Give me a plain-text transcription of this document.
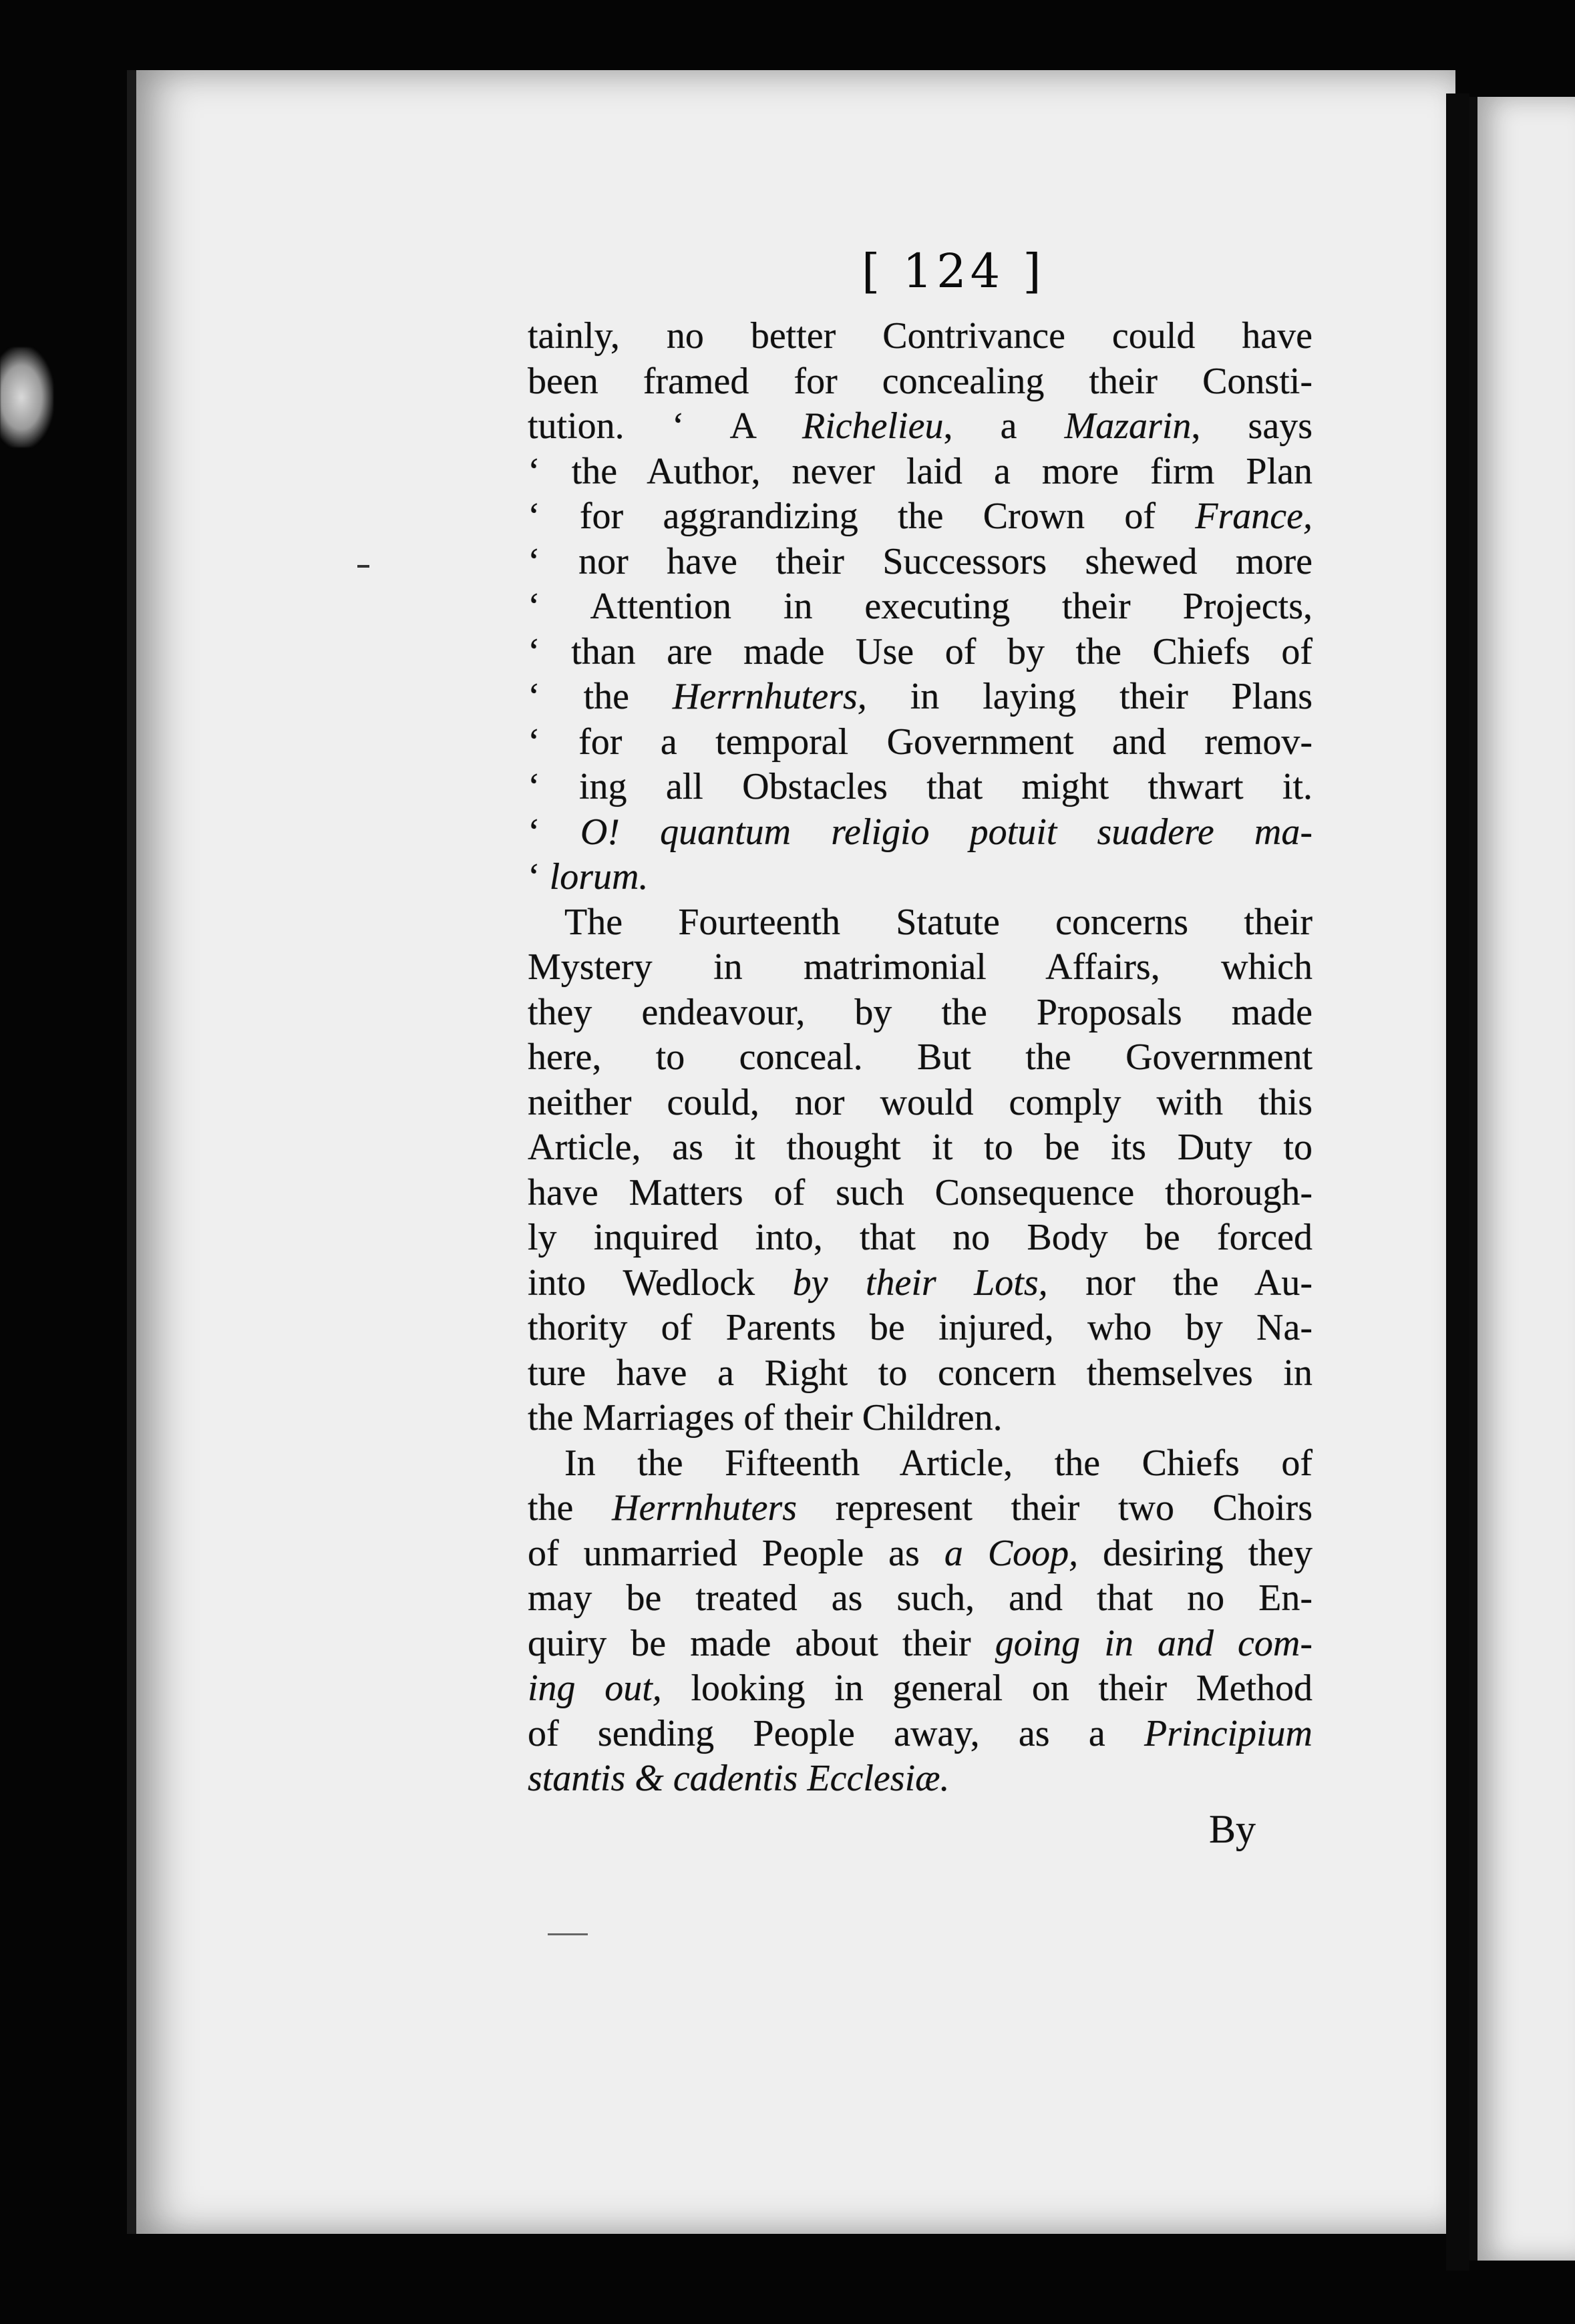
[ 124 ]
tainly, no better Contrivance could have
been framed for concealing their Consti-
tution. ‘ A Richelieu, a Mazarin, says
‘ the Author, never laid a more firm Plan
‘ for aggrandizing the Crown of France,
‘ nor have their Successors shewed more
‘ Attention in executing their Projects,
‘ than are made Use of by the Chiefs of
‘ the Herrnhuters, in laying their Plans
‘ for a temporal Government and remov-
‘ ing all Obstacles that might thwart it.
‘ O! quantum religio potuit suadere ma-
‘ lorum.
The Fourteenth Statute concerns their
Mystery in matrimonial Affairs, which
they endeavour, by the Proposals made
here, to conceal. But the Government
neither could, nor would comply with this
Article, as it thought it to be its Duty to
have Matters of such Consequence thorough-
ly inquired into, that no Body be forced
into Wedlock by their Lots, nor the Au-
thority of Parents be injured, who by Na-
ture have a Right to concern themselves in
the Marriages of their Children.
In the Fifteenth Article, the Chiefs of
the Herrnhuters represent their two Choirs
of unmarried People as a Coop, desiring they
may be treated as such, and that no En-
quiry be made about their going in and com-
ing out, looking in general on their Method
of sending People away, as a Principium
stantis & cadentis Ecclesiæ.
By
